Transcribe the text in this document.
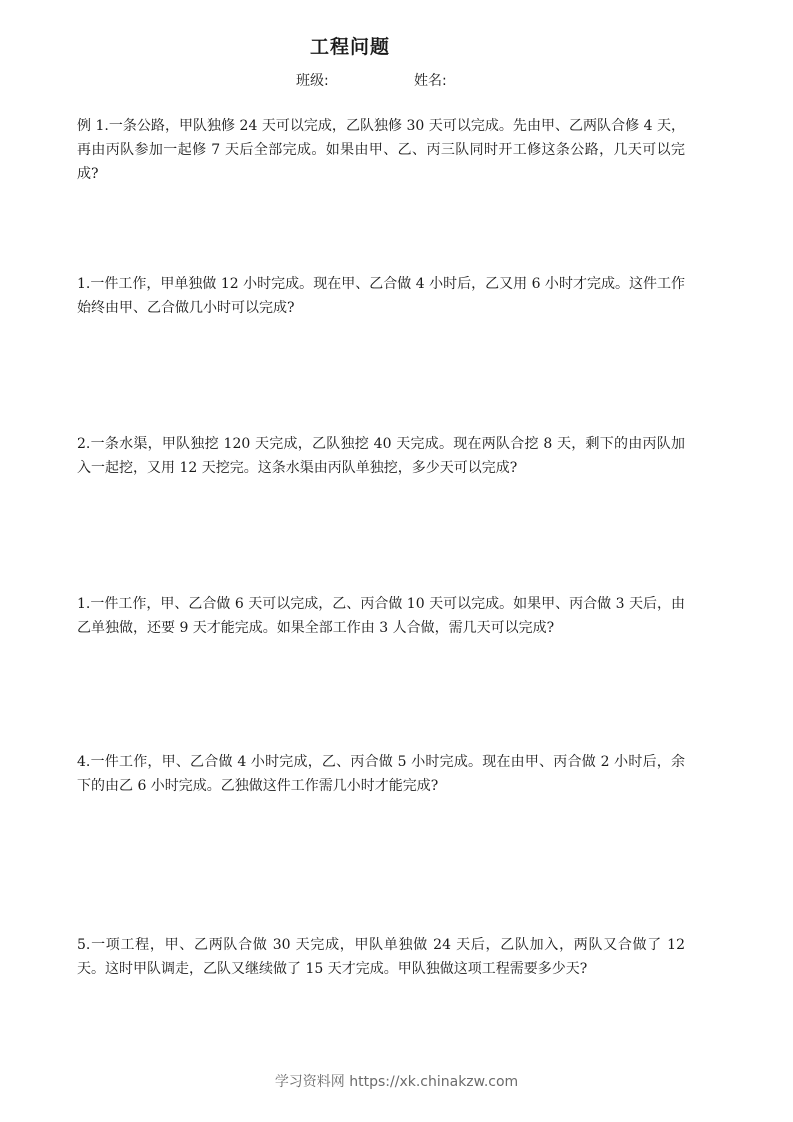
工程问题
班级:	姓名:
例 1.一条公路，甲队独修 24 天可以完成，乙队独修 30 天可以完成。先由甲、乙两队合修 4 天，再由丙队参加一起修 7 天后全部完成。如果由甲、乙、丙三队同时开工修这条公路，几天可以完成?
1.一件工作，甲单独做 12 小时完成。现在甲、乙合做 4 小时后，乙又用 6 小时才完成。这件工作始终由甲、乙合做几小时可以完成?
2.一条水渠，甲队独挖 120 天完成，乙队独挖 40 天完成。现在两队合挖 8 天，剩下的由丙队加入一起挖，又用 12 天挖完。这条水渠由丙队单独挖，多少天可以完成?
1.一件工作，甲、乙合做 6 天可以完成，乙、丙合做 10 天可以完成。如果甲、丙合做 3 天后，由乙单独做，还要 9 天才能完成。如果全部工作由 3 人合做，需几天可以完成?
4.一件工作，甲、乙合做 4 小时完成，乙、丙合做 5 小时完成。现在由甲、丙合做 2 小时后，余下的由乙 6 小时完成。乙独做这件工作需几小时才能完成?
5.一项工程，甲、乙两队合做 30 天完成，甲队单独做 24 天后，乙队加入，两队又合做了 12 天。这时甲队调走，乙队又继续做了 15 天才完成。甲队独做这项工程需要多少天?
学习资料网 https://xk.chinakzw.com
